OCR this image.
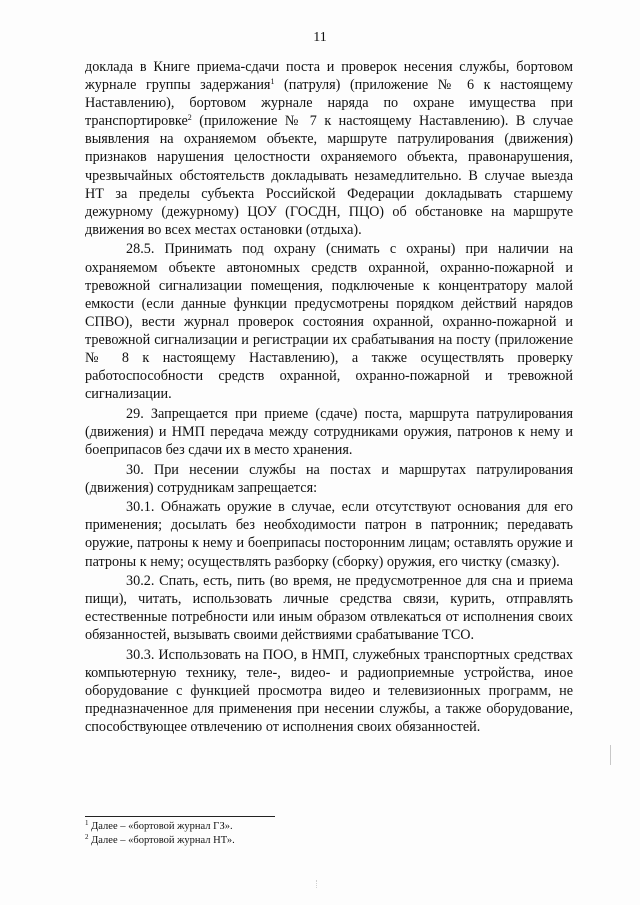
11

доклада в Книге приема-сдачи поста и проверок несения службы, бортовом журнале группы задержания$^1$ (патруля) (приложение № 6 к настоящему Наставлению), бортовом журнале наряда по охране имущества при транспортировке$^2$ (приложение № 7 к настоящему Наставлению). В случае выявления на охраняемом объекте, маршруте патрулирования (движения) признаков нарушения целостности охраняемого объекта, правонарушения, чрезвычайных обстоятельств докладывать незамедлительно. В случае выезда НТ за пределы субъекта Российской Федерации докладывать старшему дежурному (дежурному) ЦОУ (ГОСДН, ПЦО) об обстановке на маршруте движения во всех местах остановки (отдыха).

28.5. Принимать под охрану (снимать с охраны) при наличии на охраняемом объекте автономных средств охранной, охранно-пожарной и тревожной сигнализации помещения, подключеные к концентратору малой емкости (если данные функции предусмотрены порядком действий нарядов СПВО), вести журнал проверок состояния охранной, охранно-пожарной и тревожной сигнализации и регистрации их срабатывания на посту (приложение № 8 к настоящему Наставлению), а также осуществлять проверку работоспособности средств охранной, охранно-пожарной и тревожной сигнализации.

29. Запрещается при приеме (сдаче) поста, маршрута патрулирования (движения) и НМП передача между сотрудниками оружия, патронов к нему и боеприпасов без сдачи их в место хранения.

30. При несении службы на постах и маршрутах патрулирования (движения) сотрудникам запрещается:

30.1. Обнажать оружие в случае, если отсутствуют основания для его применения; досылать без необходимости патрон в патронник; передавать оружие, патроны к нему и боеприпасы посторонним лицам; оставлять оружие и патроны к нему; осуществлять разборку (сборку) оружия, его чистку (смазку).

30.2. Спать, есть, пить (во время, не предусмотренное для сна и приема пищи), читать, использовать личные средства связи, курить, отправлять естественные потребности или иным образом отвлекаться от исполнения своих обязанностей, вызывать своими действиями срабатывание ТСО.

30.3. Использовать на ПОО, в НМП, служебных транспортных средствах компьютерную технику, теле-, видео- и радиоприемные устройства, иное оборудование с функцией просмотра видео и телевизионных программ, не предназначенное для применения при несении службы, а также оборудование, способствующее отвлечению от исполнения своих обязанностей.

$^1$ Далее – «бортовой журнал ГЗ».

$^2$ Далее – «бортовой журнал НТ».
